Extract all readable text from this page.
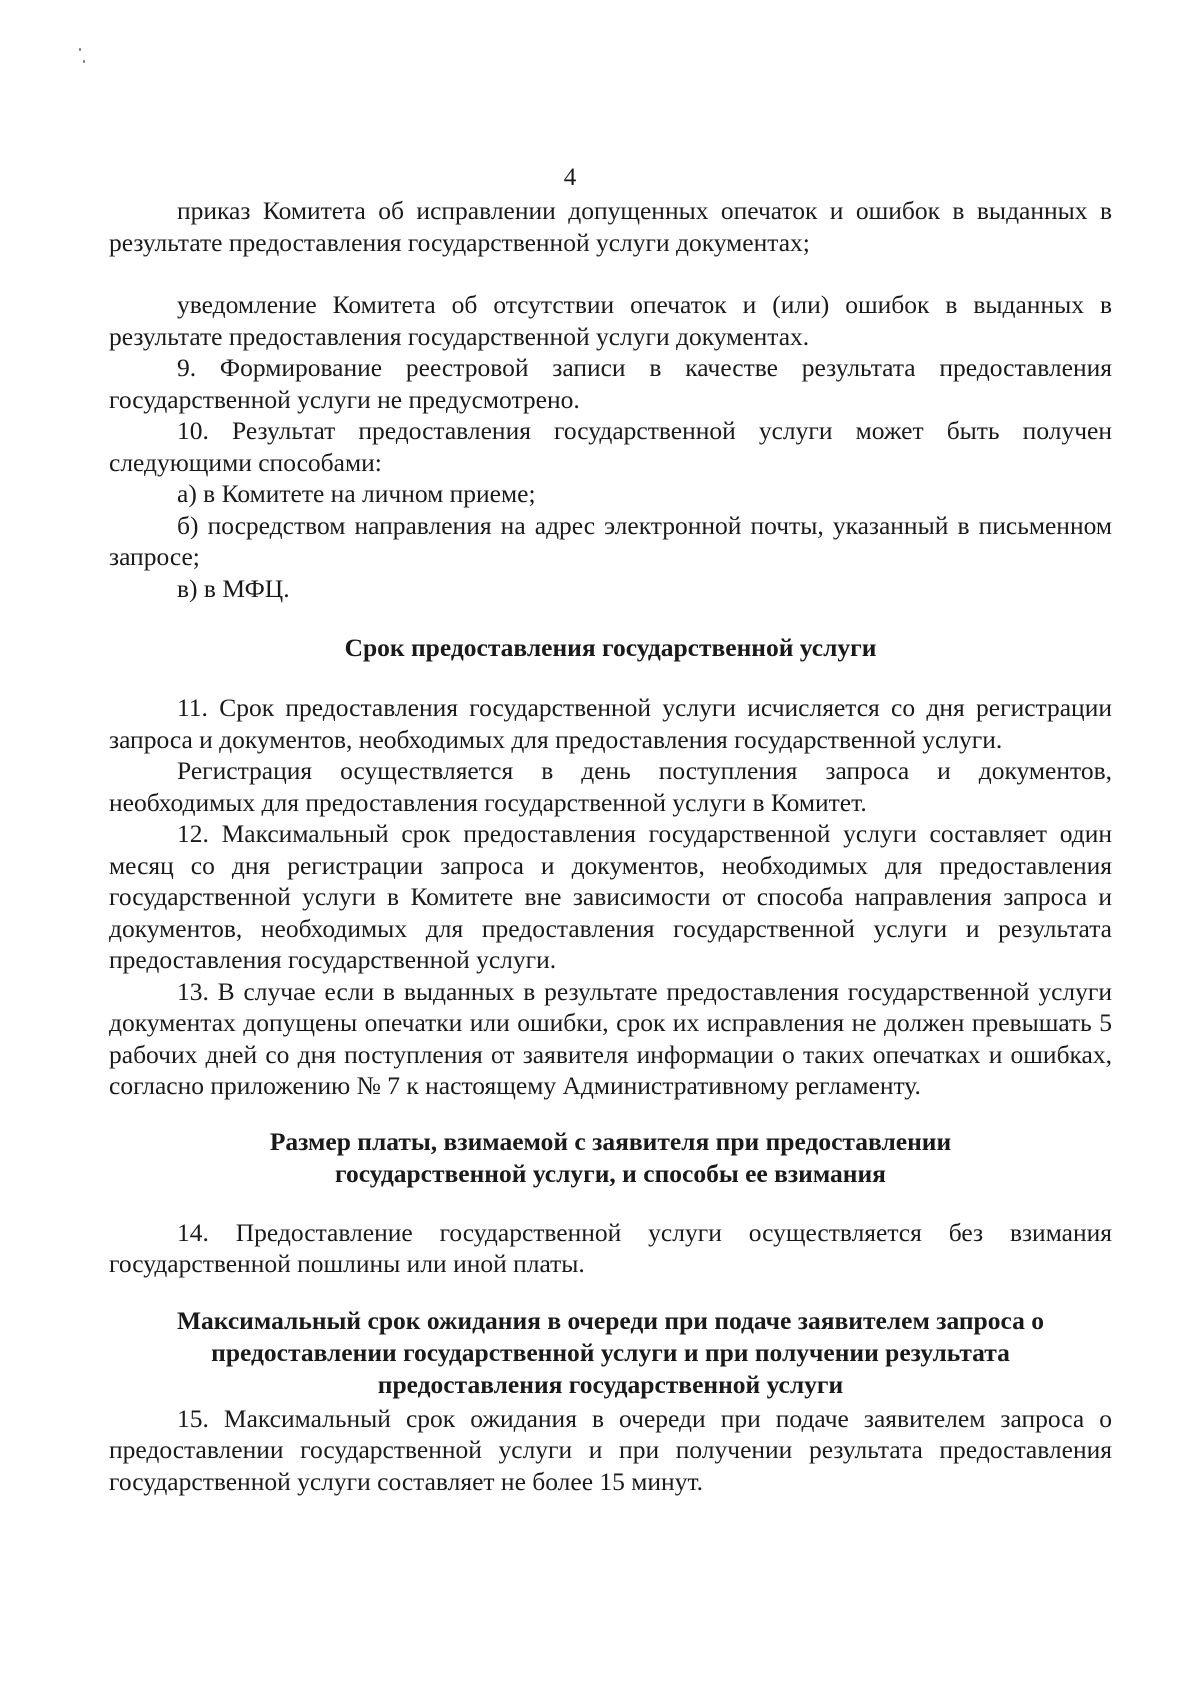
4

приказ Комитета об исправлении допущенных опечаток и ошибок в выданных в результате предоставления государственной услуги документах;

уведомление Комитета об отсутствии опечаток и (или) ошибок в выданных в результате предоставления государственной услуги документах.

9. Формирование реестровой записи в качестве результата предоставления государственной услуги не предусмотрено.

10. Результат предоставления государственной услуги может быть получен следующими способами:

а) в Комитете на личном приеме;

б) посредством направления на адрес электронной почты, указанный в письменном запросе;

в) в МФЦ.

Срок предоставления государственной услуги

11. Срок предоставления государственной услуги исчисляется со дня регистрации запроса и документов, необходимых для предоставления государственной услуги.

Регистрация осуществляется в день поступления запроса и документов, необходимых для предоставления государственной услуги в Комитет.

12. Максимальный срок предоставления государственной услуги составляет один месяц со дня регистрации запроса и документов, необходимых для предоставления государственной услуги в Комитете вне зависимости от способа направления запроса и документов, необходимых для предоставления государственной услуги и результата предоставления государственной услуги.

13. В случае если в выданных в результате предоставления государственной услуги документах допущены опечатки или ошибки, срок их исправления не должен превышать 5 рабочих дней со дня поступления от заявителя информации о таких опечатках и ошибках, согласно приложению № 7 к настоящему Административному регламенту.

Размер платы, взимаемой с заявителя при предоставлении
государственной услуги, и способы ее взимания

14. Предоставление государственной услуги осуществляется без взимания государственной пошлины или иной платы.

Максимальный срок ожидания в очереди при подаче заявителем запроса о
предоставлении государственной услуги и при получении результата
предоставления государственной услуги

15. Максимальный срок ожидания в очереди при подаче заявителем запроса о предоставлении государственной услуги и при получении результата предоставления государственной услуги составляет не более 15 минут.
